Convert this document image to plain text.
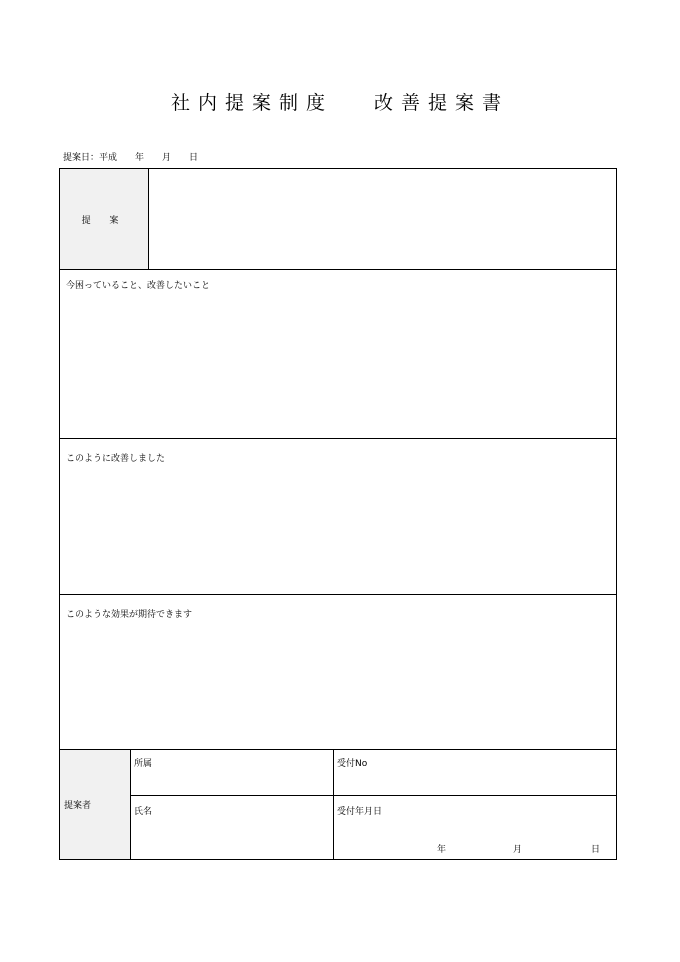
社内提案制度　 改善提案書
提案日：平成　　年　　月　　日
提 案
今困っていること、改善したいこと
このように改善しました
このような効果が期待できます
提案者
所属	受付No
氏名	受付年月日
年	月	日
